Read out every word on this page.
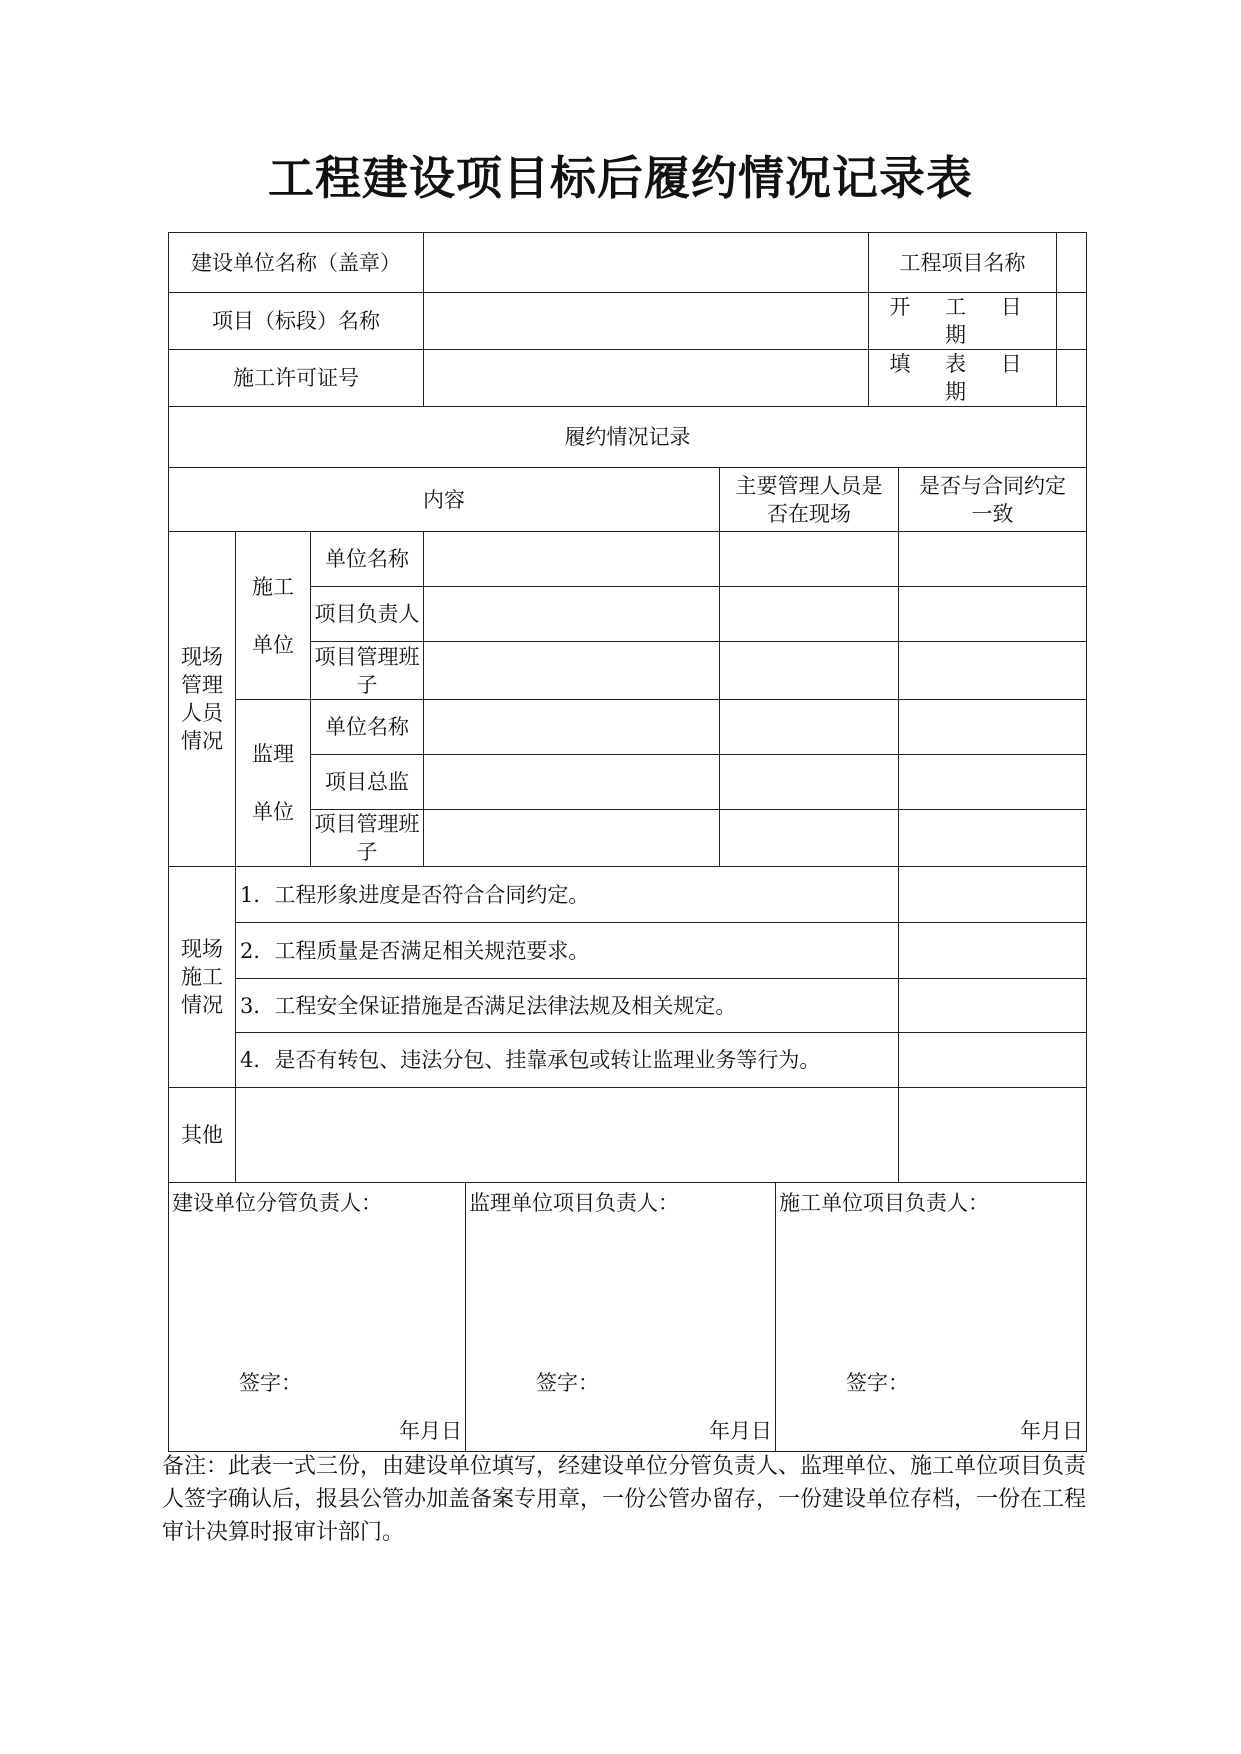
工程建设项目标后履约情况记录表
建设单位名称（盖章）					工程项目名称		
项目（标段）名称					开 工 日 期		
施工许可证号					填 表 日 期		
履约情况记录							
内容				主要管理人员是否在现场		是否与合同约定一致	
现场管理人员情况	施工单位	单位名称					
		项目负责人					
		项目管理班子					
	监理单位	单位名称					
		项目总监					
		项目管理班子					
现场施工情况	1．工程形象进度是否符合合同约定。						
	2．工程质量是否满足相关规范要求。						
	3．工程安全保证措施是否满足法律法规及相关规定。						
	4．是否有转包、违法分包、挂靠承包或转让监理业务等行为。						
其他							
建设单位分管负责人：
签字：
年月日

监理单位项目负责人：
签字：
年月日

施工单位项目负责人：
签字：
年月日
备注：此表一式三份，由建设单位填写，经建设单位分管负责人、监理单位、施工单位项目负责人签字确认后，报县公管办加盖备案专用章，一份公管办留存，一份建设单位存档，一份在工程审计决算时报审计部门。
